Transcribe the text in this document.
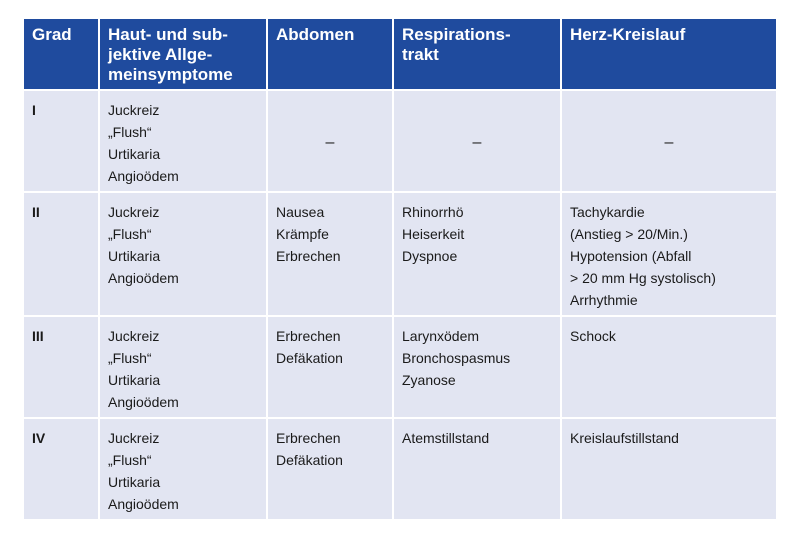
Grad	Haut- und sub-
jektive Allge-
meinsymptome	Abdomen	Respirations-
trakt	Herz-Kreislauf

I	Juckreiz
„Flush“
Urtikaria
Angioödem	–	–	–

II	Juckreiz
„Flush“
Urtikaria
Angioödem	Nausea
Krämpfe
Erbrechen	Rhinorrhö
Heiserkeit
Dyspnoe	Tachykardie
(Anstieg > 20/Min.)
Hypotension (Abfall
> 20 mm Hg systolisch)
Arrhythmie

III	Juckreiz
„Flush“
Urtikaria
Angioödem	Erbrechen
Defäkation	Larynxödem
Bronchospasmus
Zyanose	Schock

IV	Juckreiz
„Flush“
Urtikaria
Angioödem	Erbrechen
Defäkation	Atemstillstand	Kreislaufstillstand
